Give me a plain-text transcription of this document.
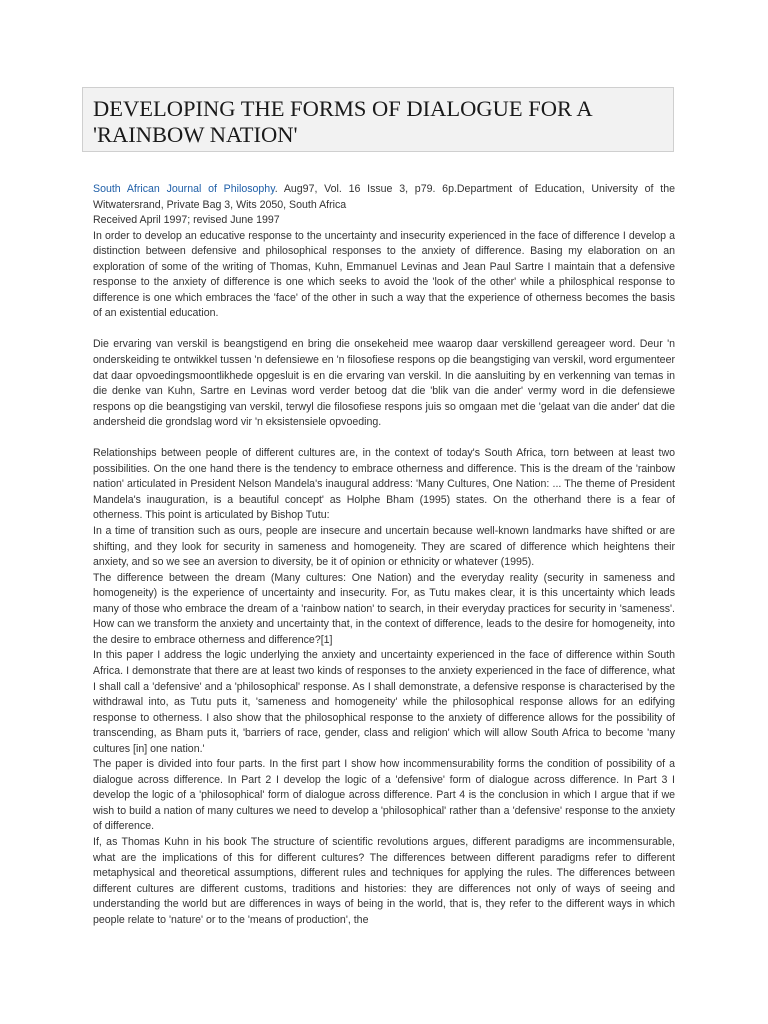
DEVELOPING THE FORMS OF DIALOGUE FOR A 'RAINBOW NATION'

South African Journal of Philosophy. Aug97, Vol. 16 Issue 3, p79. 6p.Department of Education, University of the Witwatersrand, Private Bag 3, Wits 2050, South Africa

Received April 1997; revised June 1997

In order to develop an educative response to the uncertainty and insecurity experienced in the face of difference I develop a distinction between defensive and philosophical responses to the anxiety of difference. Basing my elaboration on an exploration of some of the writing of Thomas, Kuhn, Emmanuel Levinas and Jean Paul Sartre I maintain that a defensive response to the anxiety of difference is one which seeks to avoid the 'look of the other' while a philosphical response to difference is one which embraces the 'face' of the other in such a way that the experience of otherness becomes the basis of an existential education.

Die ervaring van verskil is beangstigend en bring die onsekeheid mee waarop daar verskillend gereageer word. Deur 'n onderskeiding te ontwikkel tussen 'n defensiewe en 'n filosofiese respons op die beangstiging van verskil, word ergumenteer dat daar opvoedingsmoontlikhede opgesluit is en die ervaring van verskil. In die aansluiting by en verkenning van temas in die denke van Kuhn, Sartre en Levinas word verder betoog dat die 'blik van die ander' vermy word in die defensiewe respons op die beangstiging van verskil, terwyl die filosofiese respons juis so omgaan met die 'gelaat van die ander' dat die andersheid die grondslag word vir 'n eksistensiele opvoeding.

Relationships between people of different cultures are, in the context of today's South Africa, torn between at least two possibilities. On the one hand there is the tendency to embrace otherness and difference. This is the dream of the 'rainbow nation' articulated in President Nelson Mandela's inaugural address: 'Many Cultures, One Nation: ... The theme of President Mandela's inauguration, is a beautiful concept' as Holphe Bham (1995) states. On the otherhand there is a fear of otherness. This point is articulated by Bishop Tutu:

In a time of transition such as ours, people are insecure and uncertain because well-known landmarks have shifted or are shifting, and they look for security in sameness and homogeneity. They are scared of difference which heightens their anxiety, and so we see an aversion to diversity, be it of opinion or ethnicity or whatever (1995).

The difference between the dream (Many cultures: One Nation) and the everyday reality (security in sameness and homogeneity) is the experience of uncertainty and insecurity. For, as Tutu makes clear, it is this uncertainty which leads many of those who embrace the dream of a 'rainbow nation' to search, in their everyday practices for security in 'sameness'. How can we transform the anxiety and uncertainty that, in the context of difference, leads to the desire for homogeneity, into the desire to embrace otherness and difference?[1]

In this paper I address the logic underlying the anxiety and uncertainty experienced in the face of difference within South Africa. I demonstrate that there are at least two kinds of responses to the anxiety experienced in the face of difference, what I shall call a 'defensive' and a 'philosophical' response. As I shall demonstrate, a defensive response is characterised by the withdrawal into, as Tutu puts it, 'sameness and homogeneity' while the philosophical response allows for an edifying response to otherness. I also show that the philosophical response to the anxiety of difference allows for the possibility of transcending, as Bham puts it, 'barriers of race, gender, class and religion' which will allow South Africa to become 'many cultures [in] one nation.'

The paper is divided into four parts. In the first part I show how incommensurability forms the condition of possibility of a dialogue across difference. In Part 2 I develop the logic of a 'defensive' form of dialogue across difference. In Part 3 I develop the logic of a 'philosophical' form of dialogue across difference. Part 4 is the conclusion in which I argue that if we wish to build a nation of many cultures we need to develop a 'philosophical' rather than a 'defensive' response to the anxiety of difference.

If, as Thomas Kuhn in his book The structure of scientific revolutions argues, different paradigms are incommensurable, what are the implications of this for different cultures? The differences between different paradigms refer to different metaphysical and theoretical assumptions, different rules and techniques for applying the rules. The differences between different cultures are different customs, traditions and histories: they are differences not only of ways of seeing and understanding the world but are differences in ways of being in the world, that is, they refer to the different ways in which people relate to 'nature' or to the 'means of production', the
